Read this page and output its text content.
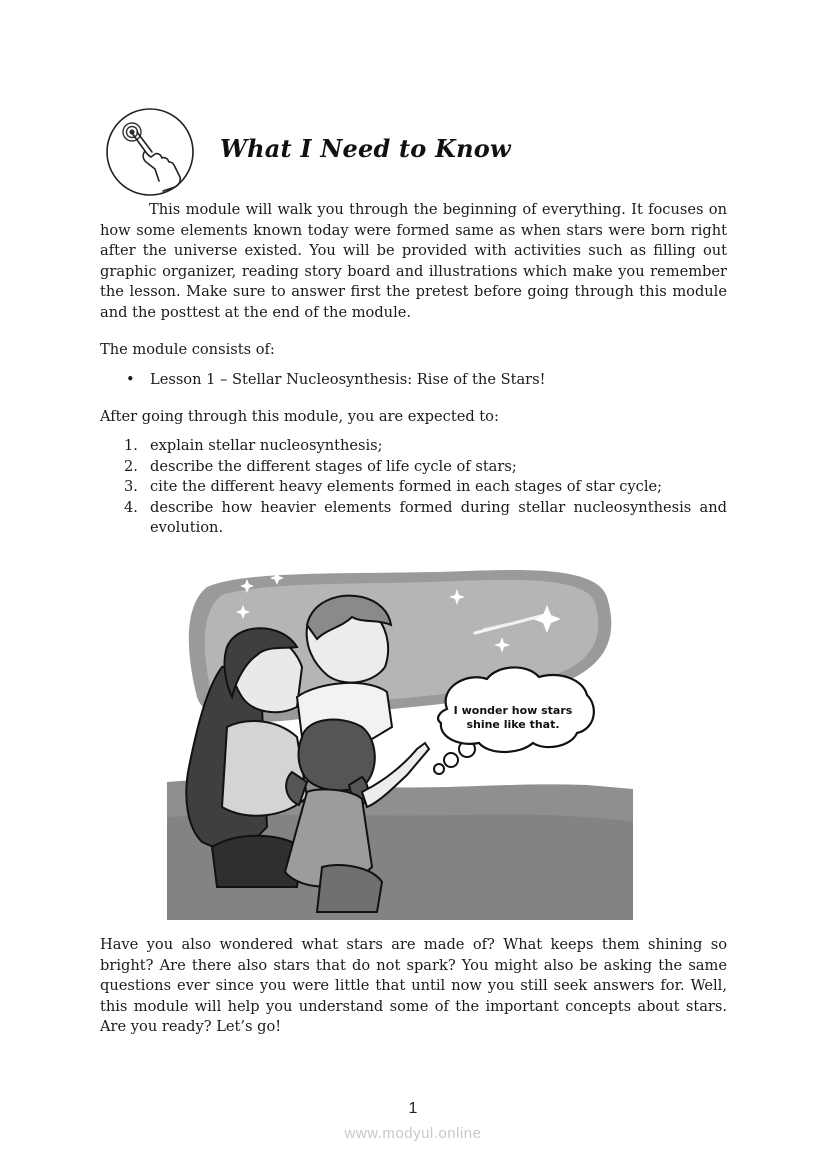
What I Need to Know

This module will walk you through the beginning of everything. It focuses on how some elements known today were formed same as when stars were born right after the universe existed. You will be provided with activities such as filling out graphic organizer, reading story board and illustrations which make you remember the lesson. Make sure to answer first the pretest before going through this module and the posttest at the end of the module.

The module consists of:

• Lesson 1 – Stellar Nucleosynthesis: Rise of the Stars!

After going through this module, you are expected to:

1. explain stellar nucleosynthesis;
2. describe the different stages of life cycle of stars;
3. cite the different heavy elements formed in each stages of star cycle;
4. describe how heavier elements formed during stellar nucleosynthesis and evolution.
I wonder how stars
shine like that.

Have you also wondered what stars are made of? What keeps them shining so bright? Are there also stars that do not spark? You might also be asking the same questions ever since you were little that until now you still seek answers for. Well, this module will help you understand some of the important concepts about stars. Are you ready? Let’s go!

1
www.modyul.online
